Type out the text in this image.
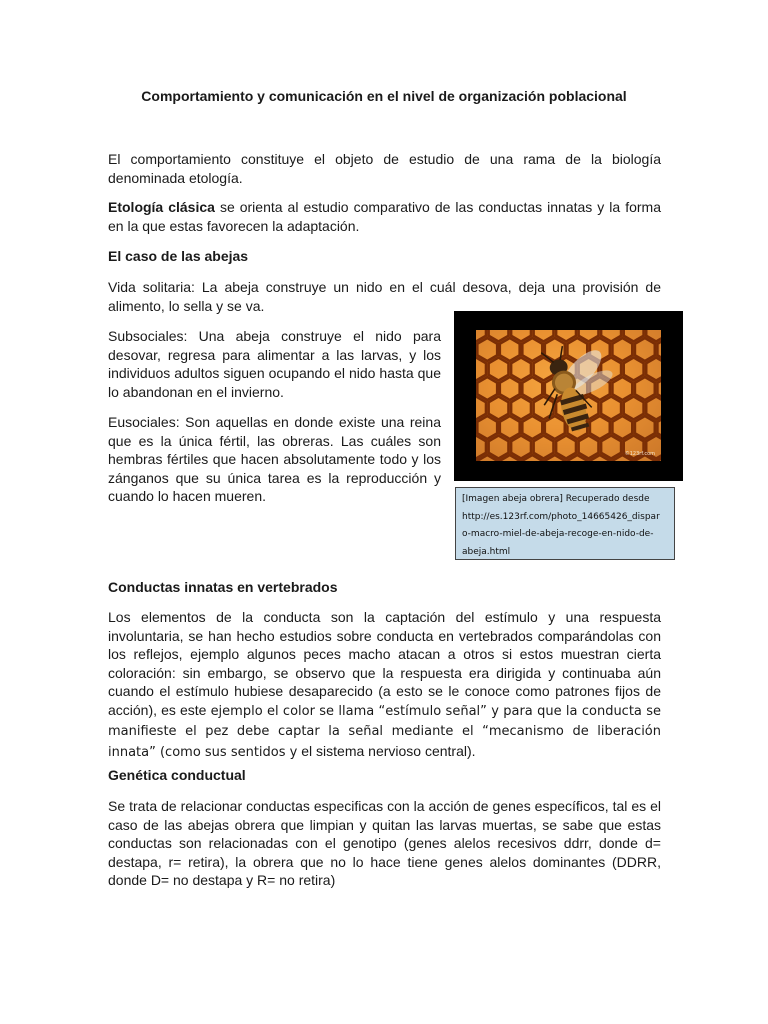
Comportamiento y comunicación en el nivel de organización poblacional

El comportamiento constituye el objeto de estudio de una rama de la biología denominada etología.

Etología clásica se orienta al estudio comparativo de las conductas innatas y la forma en la que estas favorecen la adaptación.

El caso de las abejas

Vida solitaria: La abeja construye un nido en el cuál desova, deja una provisión de alimento, lo sella y se va.

Subsociales: Una abeja construye el nido para desovar, regresa para alimentar a las larvas, y los individuos adultos siguen ocupando el nido hasta que lo abandonan en el invierno.

Eusociales: Son aquellas en donde existe una reina que es la única fértil, las obreras. Las cuáles son hembras fértiles que hacen absolutamente todo y los zánganos que su única tarea es la reproducción y cuando lo hacen mueren.

©123rf.com
[Imagen abeja obrera] Recuperado desde http://es.123rf.com/photo_14665426_dispar o-macro-miel-de-abeja-recoge-en-nido-de-abeja.html
Conductas innatas en vertebrados

Los elementos de la conducta son la captación del estímulo y una respuesta involuntaria, se han hecho estudios sobre conducta en vertebrados comparándolas con los reflejos, ejemplo algunos peces macho atacan a otros si estos muestran cierta coloración: sin embargo, se observo que la respuesta era dirigida y continuaba aún cuando el estímulo hubiese desaparecido (a esto se le conoce como patrones fijos de acción), es este ejemplo el color se llama “estímulo señal” y para que la conducta se manifieste el pez debe captar la señal mediante el “mecanismo de liberación innata” (como sus sentidos y el sistema nervioso central).

Genética conductual

Se trata de relacionar conductas especificas con la acción de genes específicos, tal es el caso de las abejas obrera que limpian y quitan las larvas muertas, se sabe que estas conductas son relacionadas con el genotipo (genes alelos recesivos ddrr, donde d= destapa, r= retira), la obrera que no lo hace tiene genes alelos dominantes (DDRR, donde D= no destapa y R= no retira)
